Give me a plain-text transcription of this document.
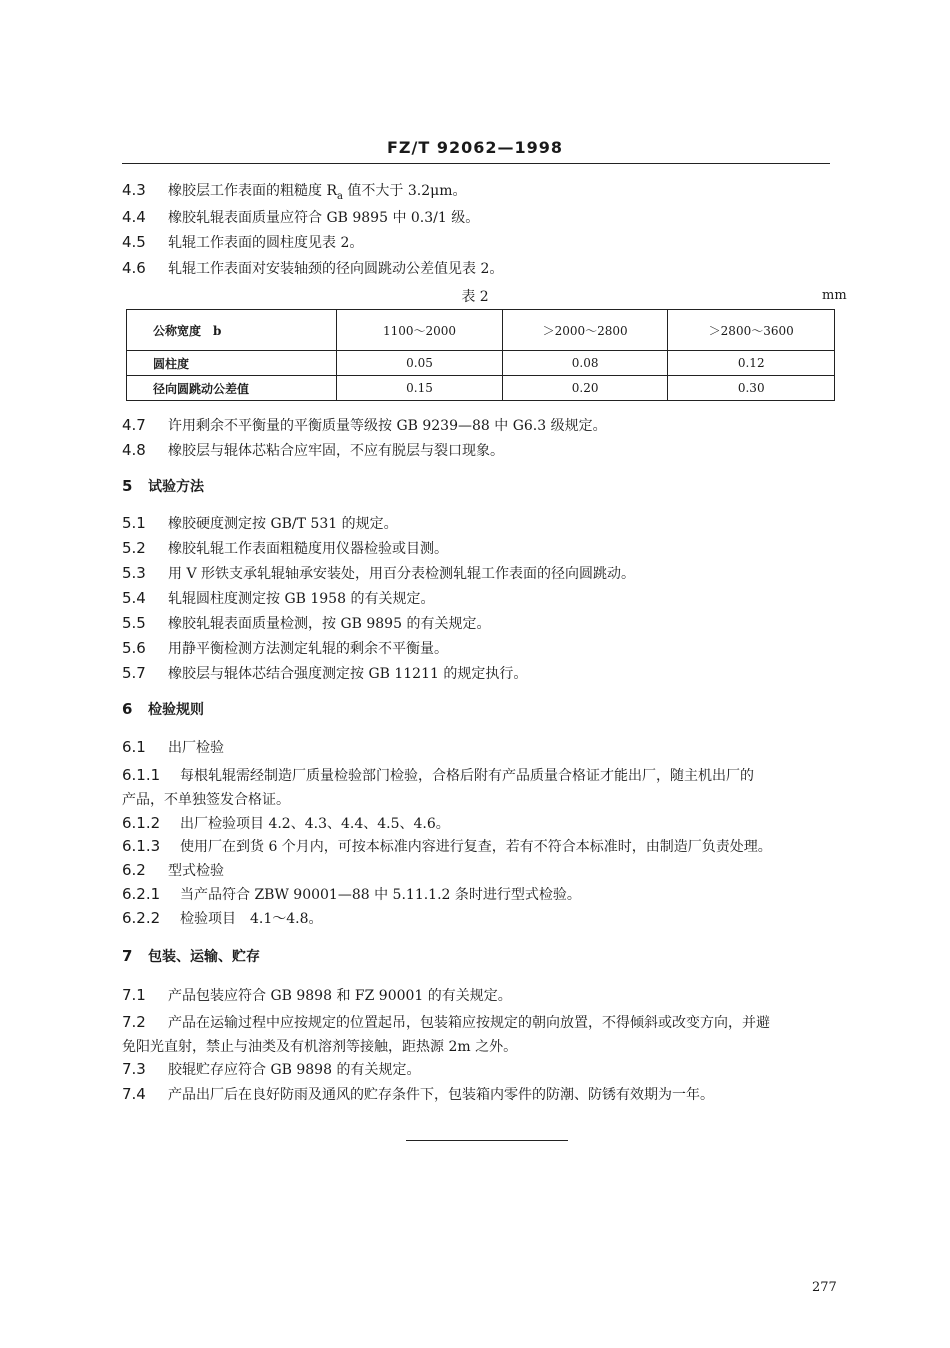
FZ/T 92062—1998
4.3 橡胶层工作表面的粗糙度 $R_a$ 值不大于 3.2μm。
4.4 橡胶轧辊表面质量应符合 GB 9895 中 0.3/1 级。
4.5 轧辊工作表面的圆柱度见表 2。
4.6 轧辊工作表面对安装轴颈的径向圆跳动公差值见表 2。
表 2	mm
公称宽度　b	1100～2000	＞2000～2800	＞2800～3600
圆柱度	0.05	0.08	0.12
径向圆跳动公差值	0.15	0.20	0.30
4.7 许用剩余不平衡量的平衡质量等级按 GB 9239—88 中 G6.3 级规定。
4.8 橡胶层与辊体芯粘合应牢固，不应有脱层与裂口现象。
5 试验方法
5.1 橡胶硬度测定按 GB/T 531 的规定。
5.2 橡胶轧辊工作表面粗糙度用仪器检验或目测。
5.3 用 V 形铁支承轧辊轴承安装处，用百分表检测轧辊工作表面的径向圆跳动。
5.4 轧辊圆柱度测定按 GB 1958 的有关规定。
5.5 橡胶轧辊表面质量检测，按 GB 9895 的有关规定。
5.6 用静平衡检测方法测定轧辊的剩余不平衡量。
5.7 橡胶层与辊体芯结合强度测定按 GB 11211 的规定执行。
6 检验规则
6.1 出厂检验
6.1.1 每根轧辊需经制造厂质量检验部门检验，合格后附有产品质量合格证才能出厂，随主机出厂的
产品，不单独签发合格证。
6.1.2 出厂检验项目 4.2、4.3、4.4、4.5、4.6。
6.1.3 使用厂在到货 6 个月内，可按本标准内容进行复查，若有不符合本标准时，由制造厂负责处理。
6.2 型式检验
6.2.1 当产品符合 ZBW 90001—88 中 5.11.1.2 条时进行型式检验。
6.2.2 检验项目　4.1～4.8。
7 包装、运输、贮存
7.1 产品包装应符合 GB 9898 和 FZ 90001 的有关规定。
7.2 产品在运输过程中应按规定的位置起吊，包装箱应按规定的朝向放置，不得倾斜或改变方向，并避
免阳光直射，禁止与油类及有机溶剂等接触，距热源 2m 之外。
7.3 胶辊贮存应符合 GB 9898 的有关规定。
7.4 产品出厂后在良好防雨及通风的贮存条件下，包装箱内零件的防潮、防锈有效期为一年。
277
